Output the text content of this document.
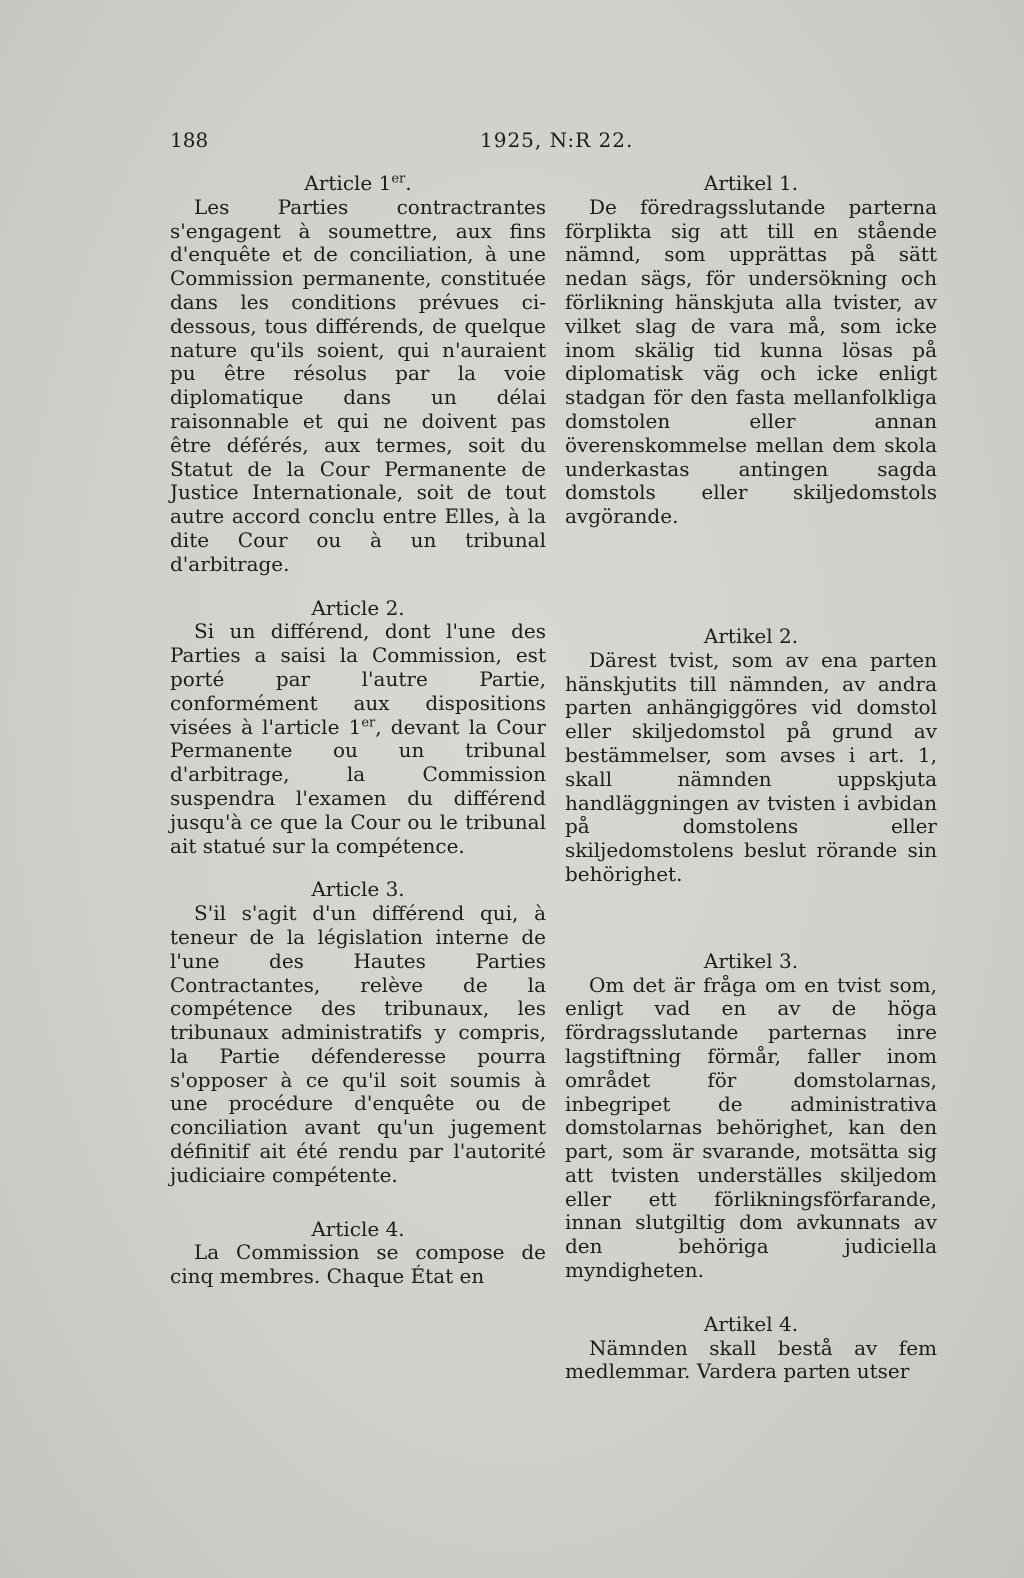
188	1925, N:R 22.
Article 1er.

Les Parties contractrantes s'engagent à soumettre, aux fins d'enquête et de conciliation, à une Commission permanente, constituée dans les conditions prévues ci-dessous, tous différends, de quelque nature qu'ils soient, qui n'auraient pu être résolus par la voie diplomatique dans un délai raisonnable et qui ne doivent pas être déférés, aux termes, soit du Statut de la Cour Permanente de Justice Internationale, soit de tout autre accord conclu entre Elles, à la dite Cour ou à un tribunal d'arbitrage.

Article 2.

Si un différend, dont l'une des Parties a saisi la Commission, est porté par l'autre Partie, conformément aux dispositions visées à l'article 1er, devant la Cour Permanente ou un tribunal d'arbitrage, la Commission suspendra l'examen du différend jusqu'à ce que la Cour ou le tribunal ait statué sur la compétence.

Article 3.

S'il s'agit d'un différend qui, à teneur de la législation interne de l'une des Hautes Parties Contractantes, relève de la compétence des tribunaux, les tribunaux administratifs y compris, la Partie défenderesse pourra s'opposer à ce qu'il soit soumis à une procédure d'enquête ou de conciliation avant qu'un jugement définitif ait été rendu par l'autorité judiciaire compétente.

Article 4.

La Commission se compose de cinq membres. Chaque État en

Artikel 1.

De föredragsslutande parterna förplikta sig att till en stående nämnd, som upprättas på sätt nedan sägs, för undersökning och förlikning hänskjuta alla tvister, av vilket slag de vara må, som icke inom skälig tid kunna lösas på diplomatisk väg och icke enligt stadgan för den fasta mellanfolkliga domstolen eller annan överenskommelse mellan dem skola underkastas antingen sagda domstols eller skiljedomstols avgörande.

Artikel 2.

Därest tvist, som av ena parten hänskjutits till nämnden, av andra parten anhängiggöres vid domstol eller skiljedomstol på grund av bestämmelser, som avses i art. 1, skall nämnden uppskjuta handläggningen av tvisten i avbidan på domstolens eller skiljedomstolens beslut rörande sin behörighet.

Artikel 3.

Om det är fråga om en tvist som, enligt vad en av de höga fördragsslutande parternas inre lagstiftning förmår, faller inom området för domstolarnas, inbegripet de administrativa domstolarnas behörighet, kan den part, som är svarande, motsätta sig att tvisten underställes skiljedom eller ett förlikningsförfarande, innan slutgiltig dom avkunnats av den behöriga judiciella myndigheten.

Artikel 4.

Nämnden skall bestå av fem medlemmar. Vardera parten utser
